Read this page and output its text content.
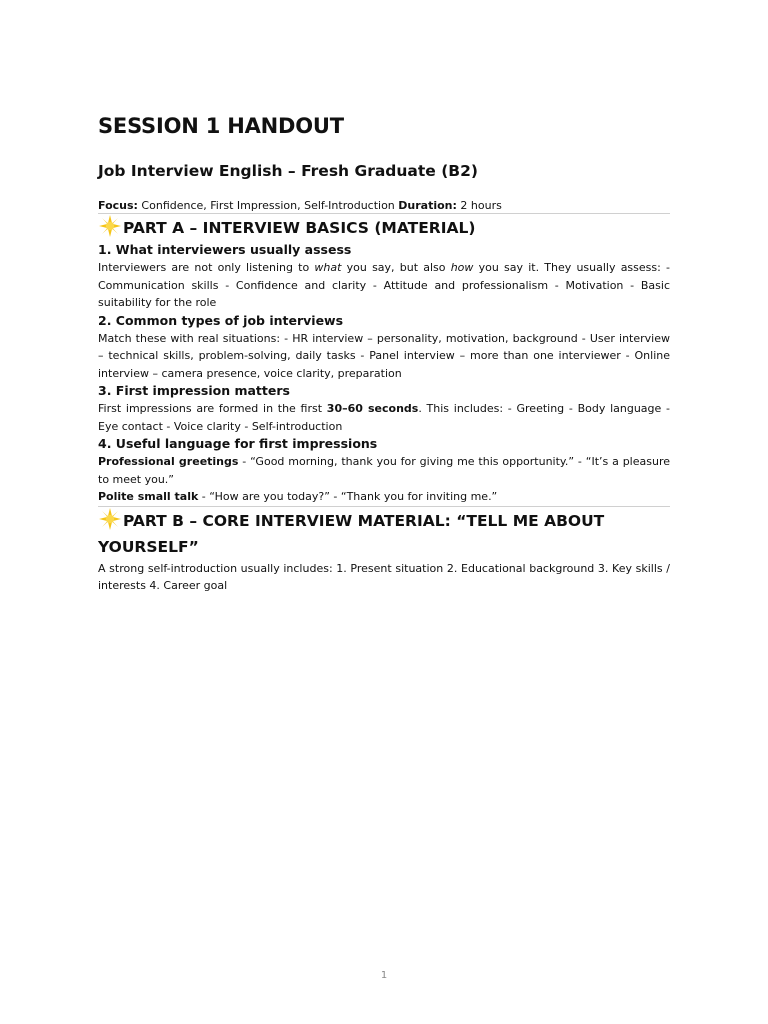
SESSION 1 HANDOUT
Job Interview English – Fresh Graduate (B2)
Focus: Confidence, First Impression, Self-Introduction Duration: 2 hours
PART A – INTERVIEW BASICS (MATERIAL)
1. What interviewers usually assess

Interviewers are not only listening to what you say, but also how you say it. They usually assess: - Communication skills - Confidence and clarity - Attitude and professionalism - Motivation - Basic suitability for the role

2. Common types of job interviews

Match these with real situations: - HR interview – personality, motivation, background - User interview – technical skills, problem-solving, daily tasks - Panel interview – more than one interviewer - Online interview – camera presence, voice clarity, preparation

3. First impression matters

First impressions are formed in the first 30–60 seconds. This includes: - Greeting - Body language - Eye contact - Voice clarity - Self-introduction

4. Useful language for first impressions

Professional greetings - “Good morning, thank you for giving me this opportunity.” - “It’s a pleasure to meet you.”

Polite small talk - “How are you today?” - “Thank you for inviting me.”

PART B – CORE INTERVIEW MATERIAL: “TELL ME ABOUT YOURSELF”

A strong self-introduction usually includes: 1. Present situation 2. Educational background 3. Key skills / interests 4. Career goal

1
